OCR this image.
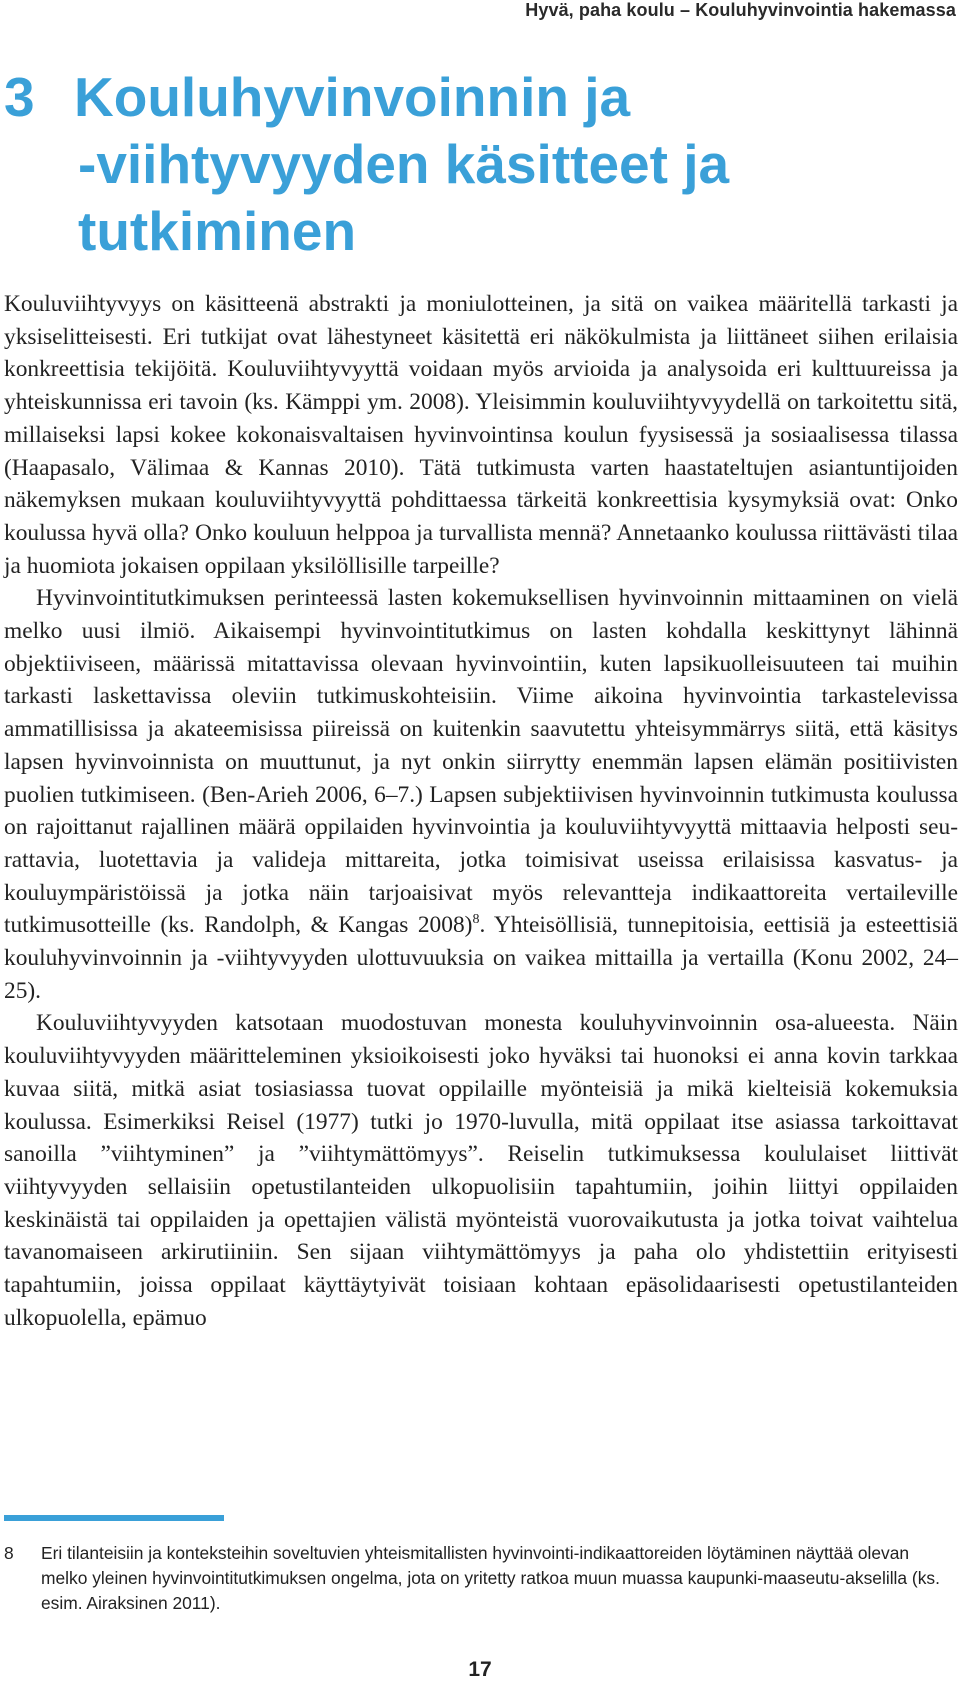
Hyvä, paha koulu – Kouluhyvinvointia hakemassa
3 Kouluhyvinvoinnin ja
-viihtyvyyden käsitteet ja
tutkiminen

Kouluviihtyvyys on käsitteenä abstrakti ja moniulotteinen, ja sitä on vaikea määritellä tarkasti ja yksiselitteisesti. Eri tutkijat ovat lähestyneet käsitettä eri näkökulmista ja liittäneet siihen erilaisia konkreettisia tekijöitä. Kouluviihtyvyyttä voidaan myös arvioida ja analysoida eri kulttuureissa ja yhteiskunnissa eri tavoin (ks. Kämppi ym. 2008). Yleisimmin kouluviihtyvyydellä on tarkoitettu sitä, millaiseksi lapsi kokee kokonaisvaltaisen hyvinvointinsa koulun fyysisessä ja sosiaalisessa tilassa (Haapasalo, Välimaa & Kannas 2010). Tätä tutkimusta varten haastateltujen asiantuntijoiden näkemyksen mukaan kouluviihtyvyyttä pohdittaessa tärkeitä konkreettisia kysymyksiä ovat: Onko koulussa hyvä olla? Onko kouluun helppoa ja turvallista mennä? Annetaanko koulussa riittävästi tilaa ja huomiota jokaisen oppilaan yksilöllisille tarpeille?

Hyvinvointitutkimuksen perinteessä lasten kokemuksellisen hyvinvoinnin mittaaminen on vielä melko uusi ilmiö. Aikaisempi hyvinvointitutkimus on lasten kohdalla keskittynyt lähinnä objektiiviseen, määrissä mitattavissa olevaan hyvinvointiin, kuten lapsikuolleisuuteen tai muihin tarkasti laskettavissa oleviin tutkimuskohteisiin. Viime aikoina hyvinvointia tarkastelevissa ammatillisissa ja akateemisissa piireissä on kuitenkin saavutettu yhteisymmärrys siitä, että käsitys lapsen hyvinvoinnista on muuttunut, ja nyt onkin siirrytty enemmän lapsen elämän positiivisten puolien tutkimiseen. (Ben-Arieh 2006, 6–7.) Lapsen subjektiivisen hyvinvoinnin tutkimusta koulussa on rajoittanut rajallinen määrä oppilaiden hyvinvointia ja kouluviihtyvyyttä mittaavia helposti seurattavia, luotettavia ja valideja mittareita, jotka toimisivat useissa erilaisissa kasvatus- ja kouluympäristöissä ja jotka näin tarjoaisivat myös relevantteja indikaattoreita vertaileville tutkimusotteille (ks. Randolph, & Kangas 2008)$^8$. Yhteisöllisiä, tunnepitoisia, eettisiä ja esteettisiä kouluhyvinvoinnin ja -viihtyvyyden ulottuvuuksia on vaikea mittailla ja vertailla (Konu 2002, 24–25).

Kouluviihtyvyyden katsotaan muodostuvan monesta kouluhyvinvoinnin osa-alueesta. Näin kouluviihtyvyyden määritteleminen yksioikoisesti joko hyväksi tai huonoksi ei anna kovin tarkkaa kuvaa siitä, mitkä asiat tosiasiassa tuovat oppilaille myönteisiä ja mikä kielteisiä kokemuksia koulussa. Esimerkiksi Reisel (1977) tutki jo 1970-luvulla, mitä oppilaat itse asiassa tarkoittavat sanoilla ”viihtyminen” ja ”viihtymättömyys”. Reiselin tutkimuksessa koululaiset liittivät viihtyvyyden sellaisiin opetustilanteiden ulkopuolisiin tapahtumiin, joihin liittyi oppilaiden keskinäistä tai oppilaiden ja opettajien välistä myönteistä vuorovaikutusta ja jotka toivat vaihtelua tavanomaiseen arkirutiiniin. Sen sijaan viihtymättömyys ja paha olo yhdistettiin erityisesti tapahtumiin, joissa oppilaat käyttäytyivät toisiaan kohtaan epäsolidaarisesti opetustilanteiden ulkopuolella, epämuo

8 Eri tilanteisiin ja konteksteihin soveltuvien yhteismitallisten hyvinvointi-indikaattoreiden löytäminen näyttää olevan melko yleinen hyvinvointitutkimuksen ongelma, jota on yritetty ratkoa muun muassa kaupunki-maaseutu-akselilla (ks. esim. Airaksinen 2011).
17
